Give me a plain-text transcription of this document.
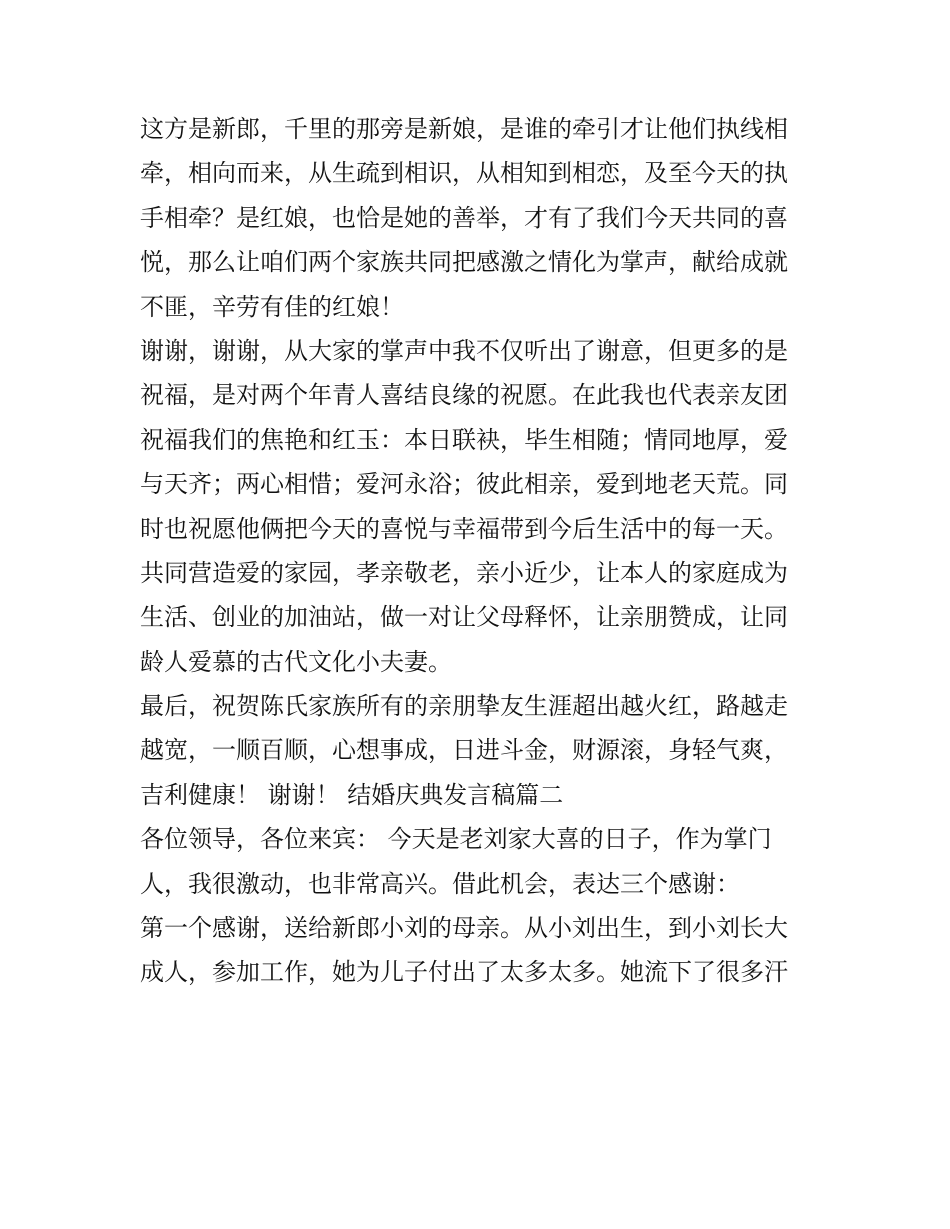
这方是新郎，千里的那旁是新娘，是谁的牵引才让他们执线相
牵，相向而来，从生疏到相识，从相知到相恋，及至今天的执
手相牵？是红娘，也恰是她的善举，才有了我们今天共同的喜
悦，那么让咱们两个家族共同把感激之情化为掌声，献给成就
不匪，辛劳有佳的红娘！
谢谢，谢谢，从大家的掌声中我不仅听出了谢意，但更多的是
祝福，是对两个年青人喜结良缘的祝愿。在此我也代表亲友团
祝福我们的焦艳和红玉：本日联袂，毕生相随；情同地厚，爱
与天齐；两心相惜；爱河永浴；彼此相亲，爱到地老天荒。同
时也祝愿他俩把今天的喜悦与幸福带到今后生活中的每一天。
共同营造爱的家园，孝亲敬老，亲小近少，让本人的家庭成为
生活、创业的加油站，做一对让父母释怀，让亲朋赞成，让同
龄人爱慕的古代文化小夫妻。
最后，祝贺陈氏家族所有的亲朋挚友生涯超出越火红，路越走
越宽，一顺百顺，心想事成，日进斗金，财源滚，身轻气爽，
吉利健康！ 谢谢！ 结婚庆典发言稿篇二
各位领导，各位来宾： 今天是老刘家大喜的日子，作为掌门
人，我很激动，也非常高兴。借此机会，表达三个感谢：
第一个感谢，送给新郎小刘的母亲。从小刘出生，到小刘长大
成人，参加工作，她为儿子付出了太多太多。她流下了很多汗
